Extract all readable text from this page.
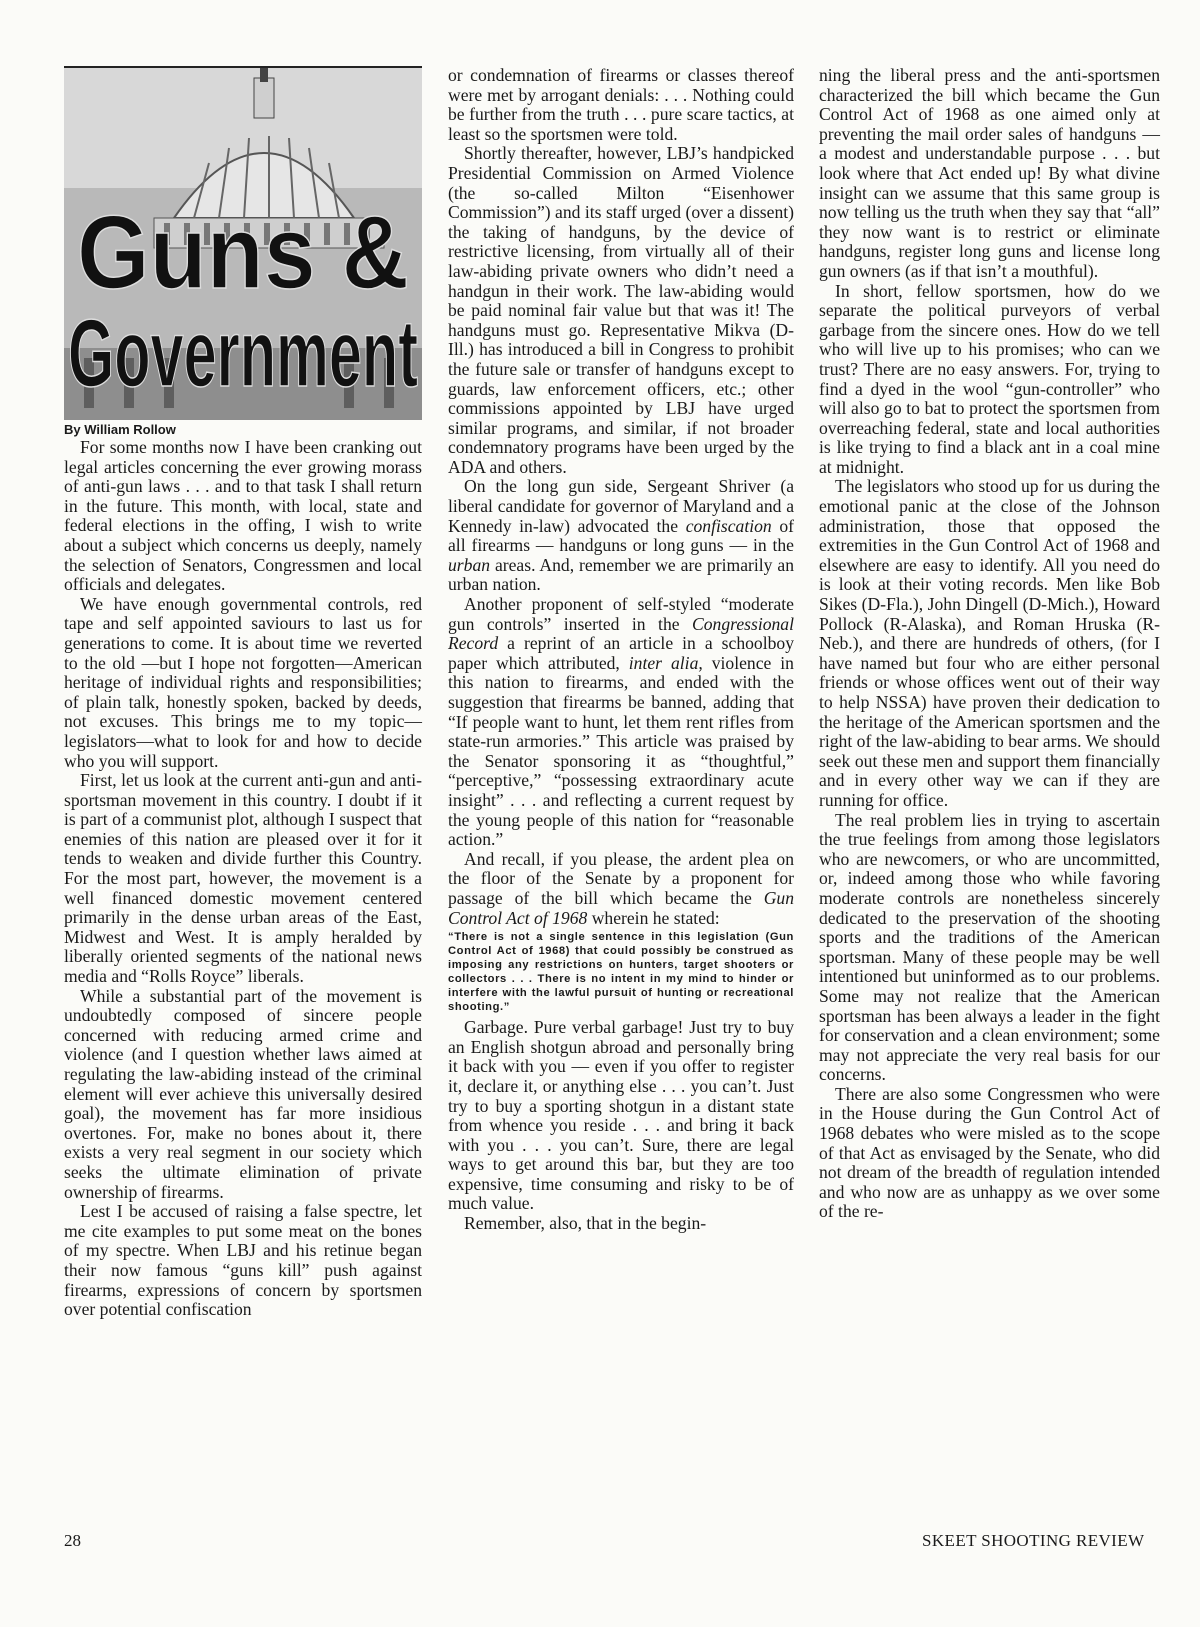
Guns &
Government
By William Rollow

For some months now I have been cranking out legal articles concerning the ever growing morass of anti-gun laws . . . and to that task I shall return in the future. This month, with local, state and federal elections in the offing, I wish to write about a subject which concerns us deeply, namely the selection of Senators, Congressmen and local officials and delegates.

We have enough governmental controls, red tape and self appointed saviours to last us for generations to come. It is about time we reverted to the old —but I hope not forgotten—American heritage of individual rights and responsibilities; of plain talk, honestly spoken, backed by deeds, not excuses. This brings me to my topic—legislators—what to look for and how to decide who you will support.

First, let us look at the current anti-gun and anti-sportsman movement in this country. I doubt if it is part of a communist plot, although I suspect that enemies of this nation are pleased over it for it tends to weaken and divide further this Country. For the most part, however, the movement is a well financed domestic movement centered primarily in the dense urban areas of the East, Midwest and West. It is amply heralded by liberally oriented segments of the national news media and “Rolls Royce” liberals.

While a substantial part of the movement is undoubtedly composed of sincere people concerned with reducing armed crime and violence (and I question whether laws aimed at regulating the law-abiding instead of the criminal element will ever achieve this universally desired goal), the movement has far more insidious overtones. For, make no bones about it, there exists a very real segment in our society which seeks the ultimate elimination of private ownership of firearms.

Lest I be accused of raising a false spectre, let me cite examples to put some meat on the bones of my spectre. When LBJ and his retinue began their now famous “guns kill” push against firearms, expressions of concern by sportsmen over potential confiscation

or condemnation of firearms or classes thereof were met by arrogant denials: . . . Nothing could be further from the truth . . . pure scare tactics, at least so the sportsmen were told.

Shortly thereafter, however, LBJ’s handpicked Presidential Commission on Armed Violence (the so-called Milton “Eisenhower Commission”) and its staff urged (over a dissent) the taking of handguns, by the device of restrictive licensing, from virtually all of their law-abiding private owners who didn’t need a handgun in their work. The law-abiding would be paid nominal fair value but that was it! The handguns must go. Representative Mikva (D-Ill.) has introduced a bill in Congress to prohibit the future sale or transfer of handguns except to guards, law enforcement officers, etc.; other commissions appointed by LBJ have urged similar programs, and similar, if not broader condemnatory programs have been urged by the ADA and others.

On the long gun side, Sergeant Shriver (a liberal candidate for governor of Maryland and a Kennedy in-law) advocated the confiscation of all firearms — handguns or long guns — in the urban areas. And, remember we are primarily an urban nation.

Another proponent of self-styled “moderate gun controls” inserted in the Congressional Record a reprint of an article in a schoolboy paper which attributed, inter alia, violence in this nation to firearms, and ended with the suggestion that firearms be banned, adding that “If people want to hunt, let them rent rifles from state-run armories.” This article was praised by the Senator sponsoring it as “thoughtful,” “perceptive,” “possessing extraordinary acute insight” . . . and reflecting a current request by the young people of this nation for “reasonable action.”

And recall, if you please, the ardent plea on the floor of the Senate by a proponent for passage of the bill which became the Gun Control Act of 1968 wherein he stated:

“There is not a single sentence in this legislation (Gun Control Act of 1968) that could possibly be construed as imposing any restrictions on hunters, target shooters or collectors . . . There is no intent in my mind to hinder or interfere with the lawful pursuit of hunting or recreational shooting.”

Garbage. Pure verbal garbage! Just try to buy an English shotgun abroad and personally bring it back with you — even if you offer to register it, declare it, or anything else . . . you can’t. Just try to buy a sporting shotgun in a distant state from whence you reside . . . and bring it back with you . . . you can’t. Sure, there are legal ways to get around this bar, but they are too expensive, time consuming and risky to be of much value.

Remember, also, that in the begin-

ning the liberal press and the anti-sportsmen characterized the bill which became the Gun Control Act of 1968 as one aimed only at preventing the mail order sales of handguns — a modest and understandable purpose . . . but look where that Act ended up! By what divine insight can we assume that this same group is now telling us the truth when they say that “all” they now want is to restrict or eliminate handguns, register long guns and license long gun owners (as if that isn’t a mouthful).

In short, fellow sportsmen, how do we separate the political purveyors of verbal garbage from the sincere ones. How do we tell who will live up to his promises; who can we trust? There are no easy answers. For, trying to find a dyed in the wool “gun-controller” who will also go to bat to protect the sportsmen from overreaching federal, state and local authorities is like trying to find a black ant in a coal mine at midnight.

The legislators who stood up for us during the emotional panic at the close of the Johnson administration, those that opposed the extremities in the Gun Control Act of 1968 and elsewhere are easy to identify. All you need do is look at their voting records. Men like Bob Sikes (D-Fla.), John Dingell (D-Mich.), Howard Pollock (R-Alaska), and Roman Hruska (R-Neb.), and there are hundreds of others, (for I have named but four who are either personal friends or whose offices went out of their way to help NSSA) have proven their dedication to the heritage of the American sportsmen and the right of the law-abiding to bear arms. We should seek out these men and support them financially and in every other way we can if they are running for office.

The real problem lies in trying to ascertain the true feelings from among those legislators who are newcomers, or who are uncommitted, or, indeed among those who while favoring moderate controls are nonetheless sincerely dedicated to the preservation of the shooting sports and the traditions of the American sportsman. Many of these people may be well intentioned but uninformed as to our problems. Some may not realize that the American sportsman has been always a leader in the fight for conservation and a clean environment; some may not appreciate the very real basis for our concerns.

There are also some Congressmen who were in the House during the Gun Control Act of 1968 debates who were misled as to the scope of that Act as envisaged by the Senate, who did not dream of the breadth of regulation intended and who now are as unhappy as we over some of the re-

28	SKEET SHOOTING REVIEW
